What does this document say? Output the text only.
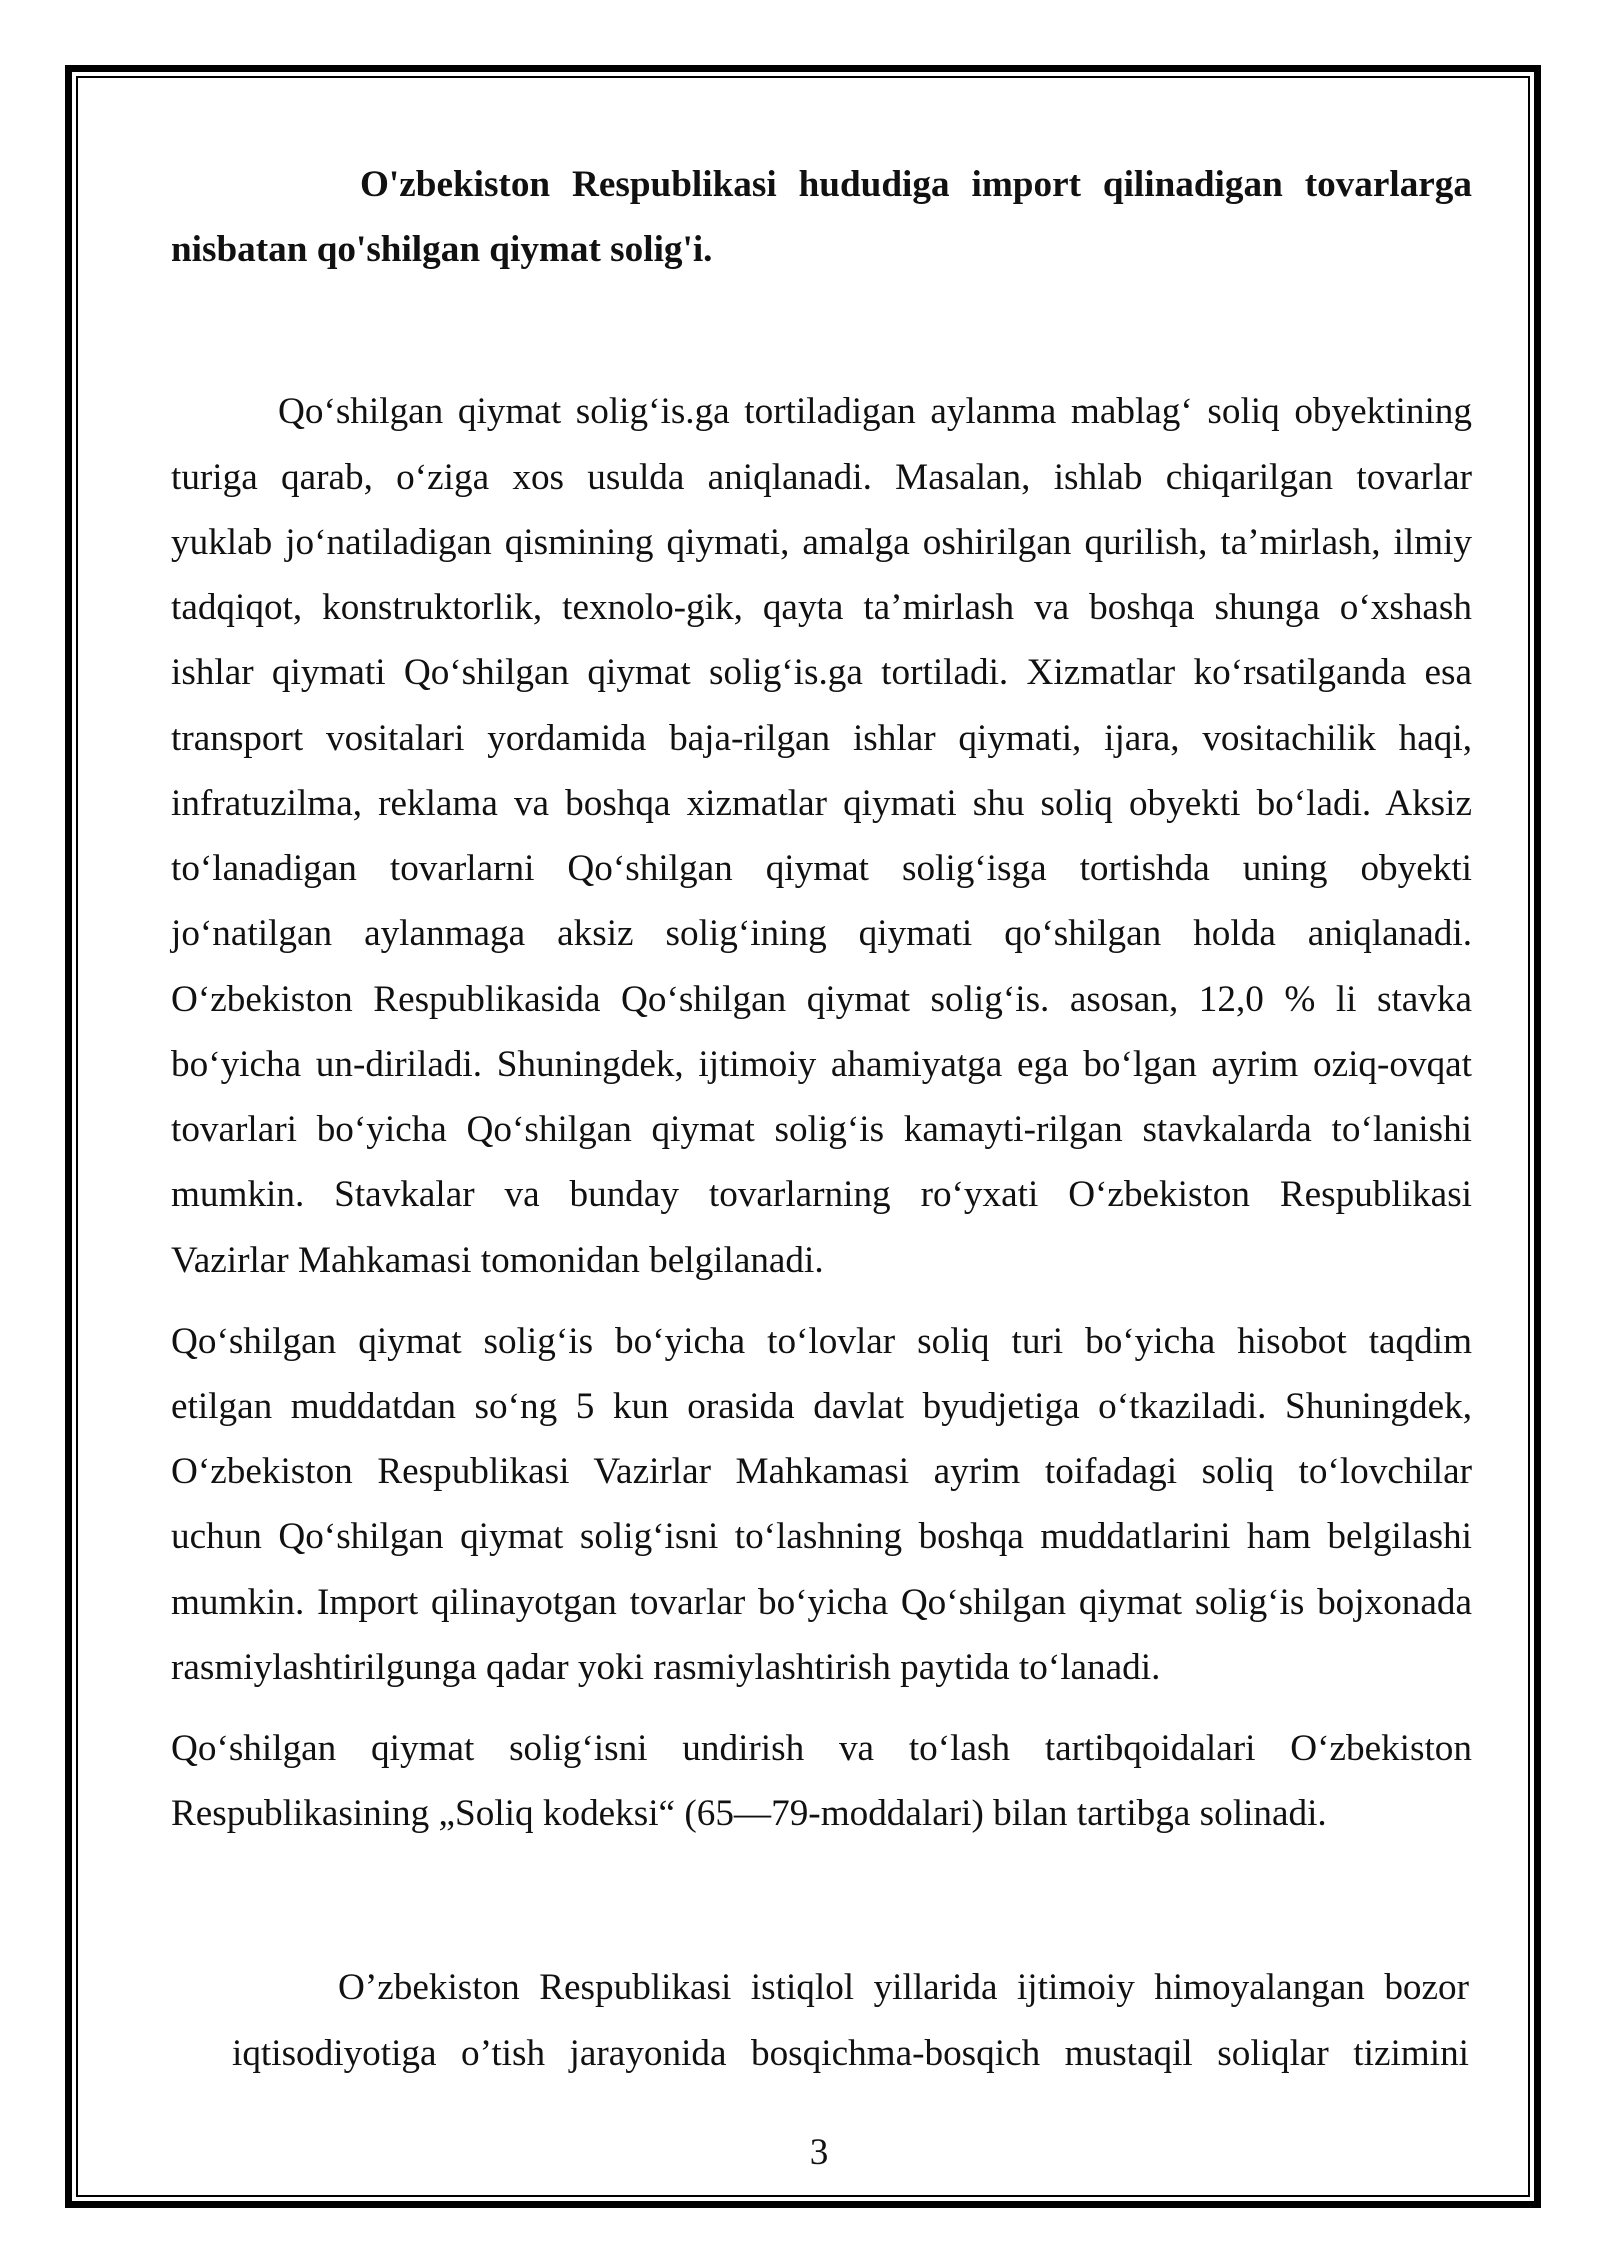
O'zbekiston Respublikasi hududiga import qilinadigan tovarlarga
nisbatan qo'shilgan qiymat solig'i.
Qo‘shilgan qiymat solig‘is.ga tortiladigan aylanma mablag‘ soliq obyektining
turiga qarab, o‘ziga xos usulda aniqlanadi. Masalan, ishlab chiqarilgan tovarlar
yuklab jo‘natiladigan qismining qiymati, amalga oshirilgan qurilish, ta’mirlash, ilmiy
tadqiqot, konstruktorlik, texnolo-gik, qayta ta’mirlash va boshqa shunga o‘xshash
ishlar qiymati Qo‘shilgan qiymat solig‘is.ga tortiladi. Xizmatlar ko‘rsatilganda esa
transport vositalari yordamida baja-rilgan ishlar qiymati, ijara, vositachilik haqi,
infratuzilma, reklama va boshqa xizmatlar qiymati shu soliq obyekti bo‘ladi. Aksiz
to‘lanadigan tovarlarni Qo‘shilgan qiymat solig‘isga tortishda uning obyekti
jo‘natilgan aylanmaga aksiz solig‘ining qiymati qo‘shilgan holda aniqlanadi.
O‘zbekiston Respublikasida Qo‘shilgan qiymat solig‘is. asosan, 12,0 % li stavka
bo‘yicha un-diriladi. Shuningdek, ijtimoiy ahamiyatga ega bo‘lgan ayrim oziq-ovqat
tovarlari bo‘yicha Qo‘shilgan qiymat solig‘is kamayti-rilgan stavkalarda to‘lanishi
mumkin. Stavkalar va bunday tovarlarning ro‘yxati O‘zbekiston Respublikasi
Vazirlar Mahkamasi tomonidan belgilanadi.
Qo‘shilgan qiymat solig‘is bo‘yicha to‘lovlar soliq turi bo‘yicha hisobot taqdim
etilgan muddatdan so‘ng 5 kun orasida davlat byudjetiga o‘tkaziladi. Shuningdek,
O‘zbekiston Respublikasi Vazirlar Mahkamasi ayrim toifadagi soliq to‘lovchilar
uchun Qo‘shilgan qiymat solig‘isni to‘lashning boshqa muddatlarini ham belgilashi
mumkin. Import qilinayotgan tovarlar bo‘yicha Qo‘shilgan qiymat solig‘is bojxonada
rasmiylashtirilgunga qadar yoki rasmiylashtirish paytida to‘lanadi.
Qo‘shilgan qiymat solig‘isni undirish va to‘lash tartibqoidalari O‘zbekiston
Respublikasining „Soliq kodeksi“ (65—79-moddalari) bilan tartibga solinadi.
O’zbekiston Respublikasi istiqlol yillarida ijtimoiy himoyalangan bozor
iqtisodiyotiga o’tish jarayonida bosqichma-bosqich mustaqil soliqlar tizimini
3
